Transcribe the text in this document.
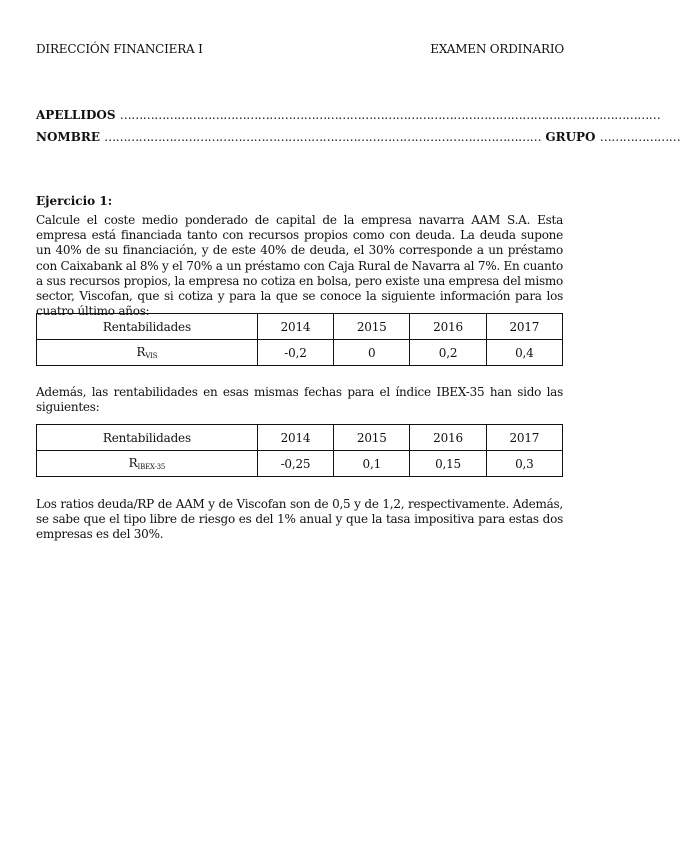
DIRECCIÓN FINANCIERA I	EXAMEN ORDINARIO
APELLIDOS ……………………………………………………………………………………………………………………………
NOMBRE …………………………………………………………………………………………………… GRUPO …………………
Ejercicio 1:

Calcule el coste medio ponderado de capital de la empresa navarra AAM S.A. Esta empresa está financiada tanto con recursos propios como con deuda. La deuda supone un 40% de su financiación, y de este 40% de deuda, el 30% corresponde a un préstamo con Caixabank al 8% y el 70% a un préstamo con Caja Rural de Navarra al 7%. En cuanto a sus recursos propios, la empresa no cotiza en bolsa, pero existe una empresa del mismo sector, Viscofan, que si cotiza y para la que se conoce la siguiente información para los cuatro último años:

Rentabilidades	2014	2015	2016	2017
$R_{VIS}$	-0,2	0	0,2	0,4

Además, las rentabilidades en esas mismas fechas para el índice IBEX-35 han sido las siguientes:

Rentabilidades	2014	2015	2016	2017
$R_{IBEX-35}$	-0,25	0,1	0,15	0,3

Los ratios deuda/RP de AAM y de Viscofan son de 0,5 y de 1,2, respectivamente. Además, se sabe que el tipo libre de riesgo es del 1% anual y que la tasa impositiva para estas dos empresas es del 30%.
